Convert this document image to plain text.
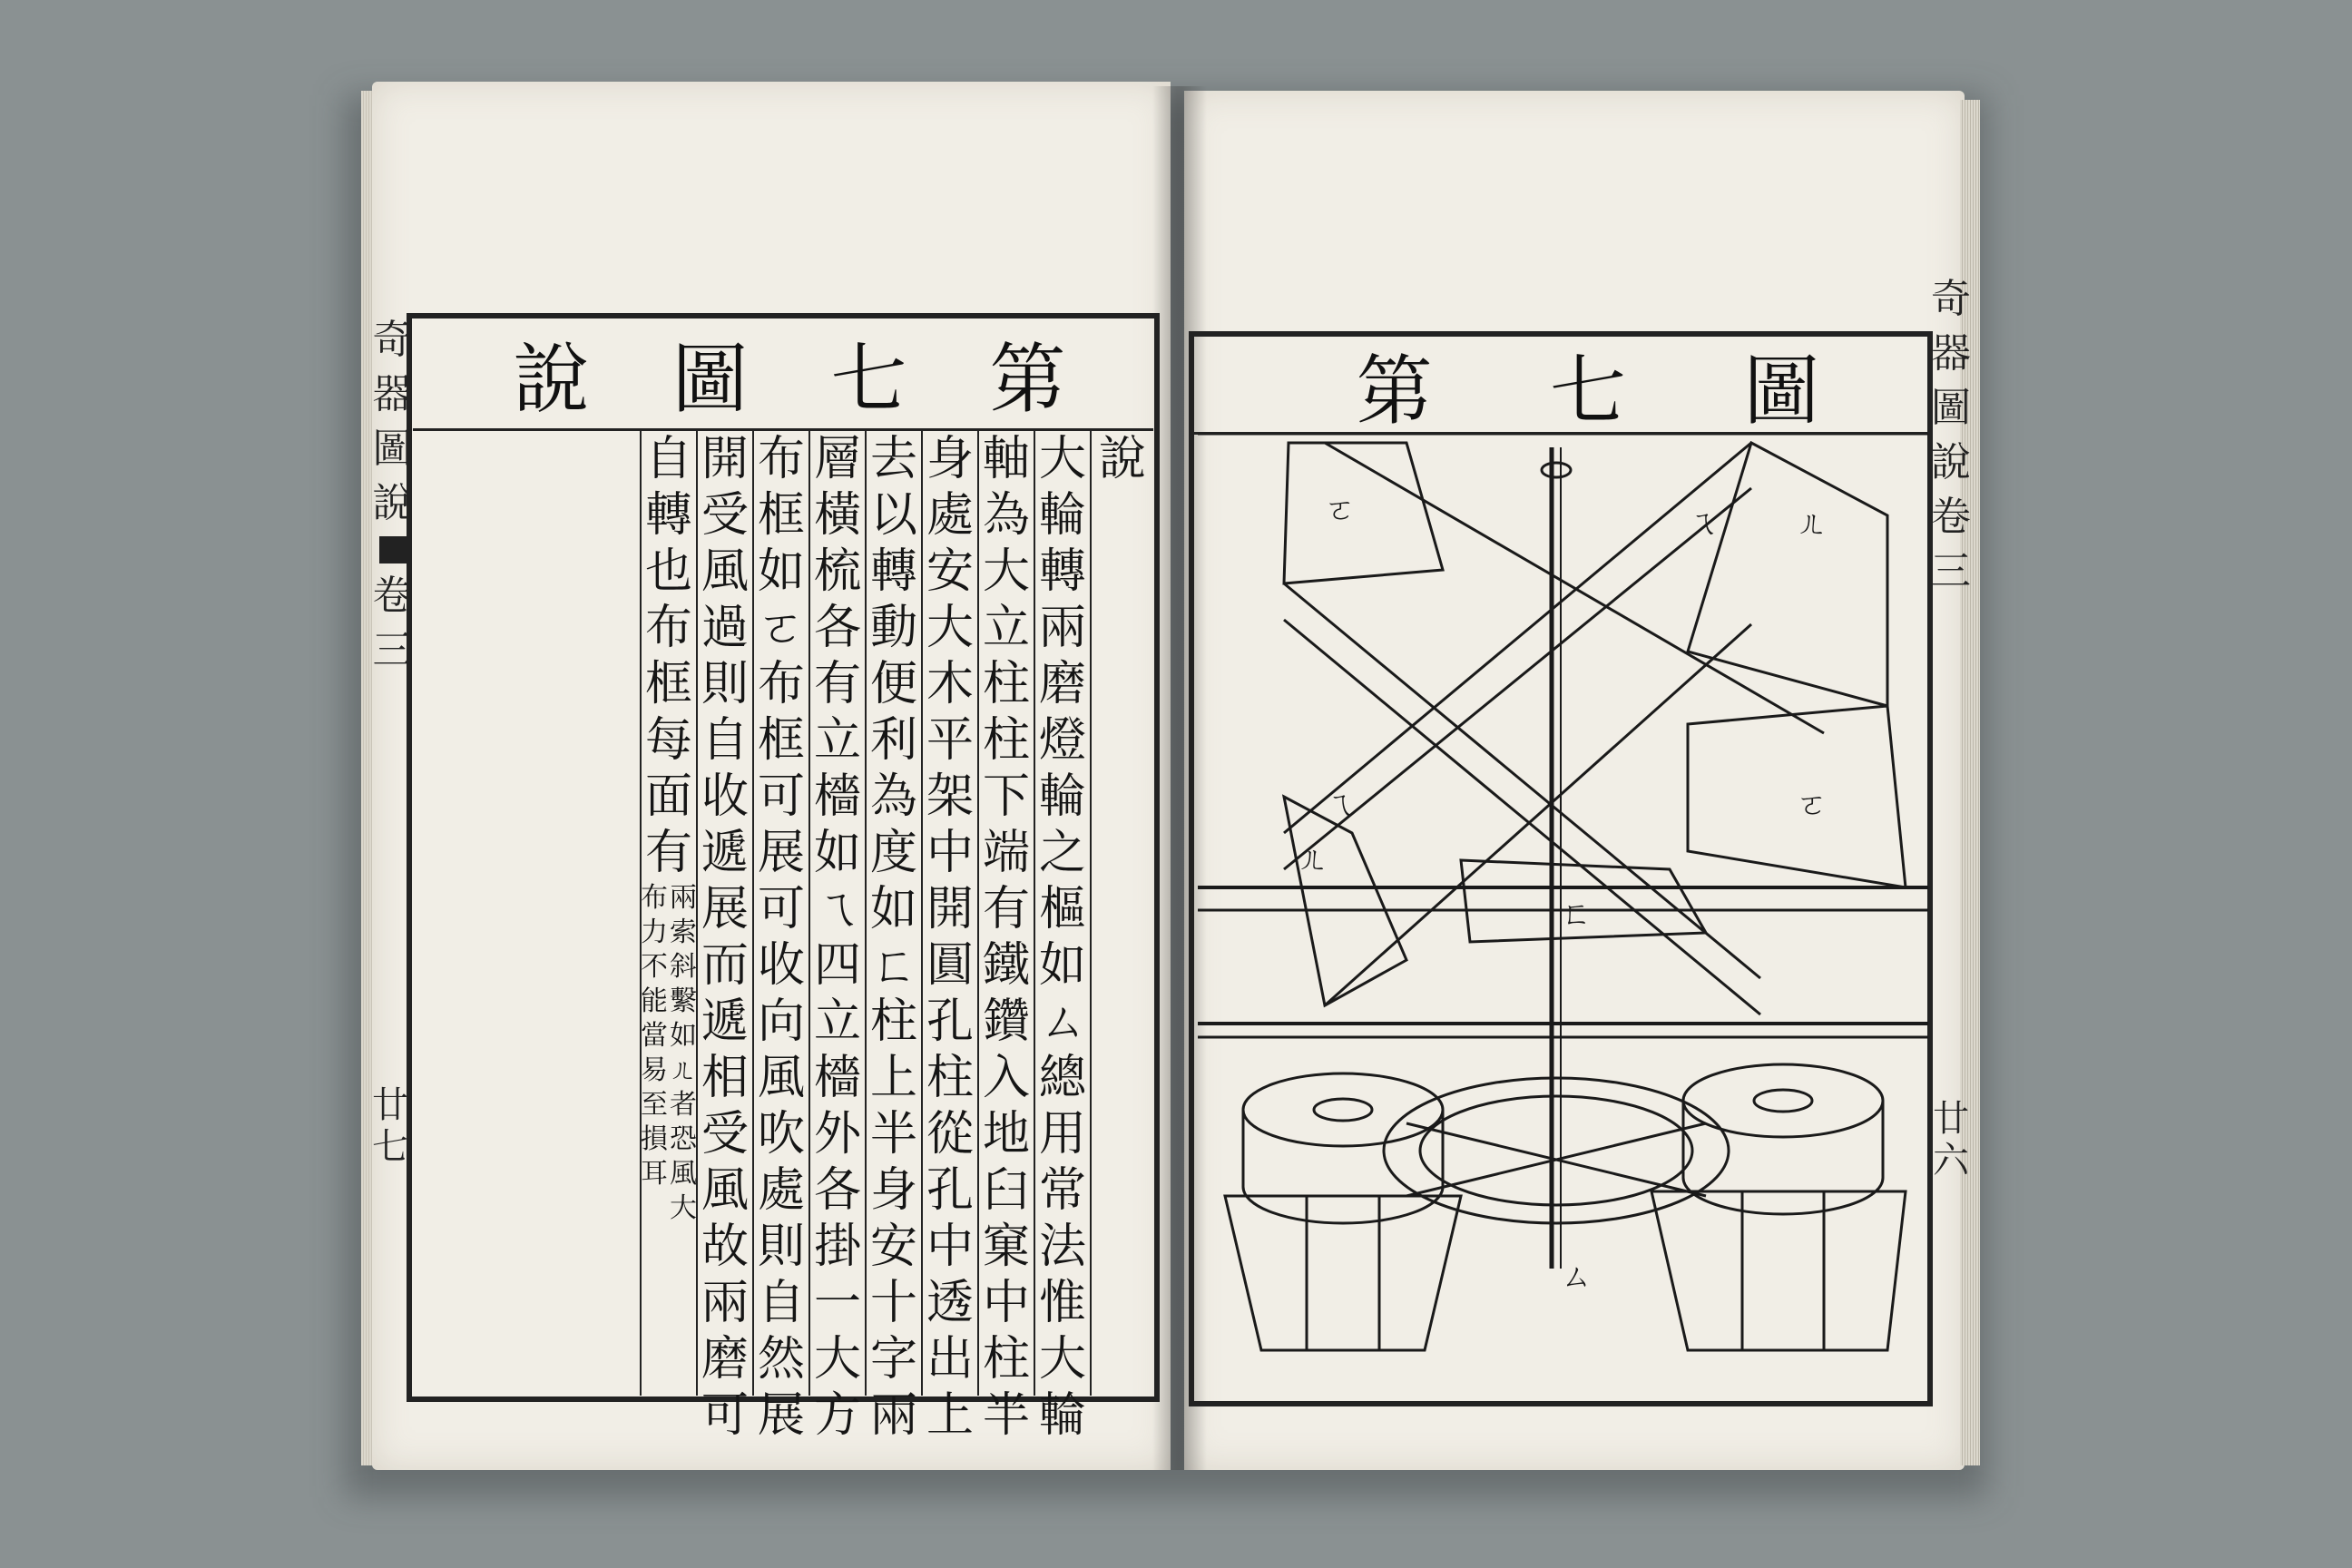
奇
器
圖
說
卷
三
廿七
第
七
圖
說
說
大
輪
轉
兩
磨
燈
輪
之
樞
如
ㄙ
總
用
常
法
惟
大
輪
軸
為
大
立
柱
柱
下
端
有
鐵
鑽
入
地
臼
窠
中
柱
半
身
處
安
大
木
平
架
中
開
圓
孔
柱
從
孔
中
透
出
上
去
以
轉
動
便
利
為
度
如
ㄈ
柱
上
半
身
安
十
字
兩
層
橫
梳
各
有
立
檣
如
ㄟ
四
立
檣
外
各
掛
一
大
方
布
框
如
ㄛ
布
框
可
展
可
收
向
風
吹
處
則
自
然
展
開
受
風
過
則
自
收
遞
展
而
遞
相
受
風
故
兩
磨
可
自
轉
也
布
框
每
面
有
兩
索
斜
繫
如
ㄦ
者
恐
風
大
布
力
不
能
當
易
至
損
耳
圖
七
第
奇
器
圖
說
卷
三
廿六
ㄛ	ㄦ
ㄟ
ㄛ
ㄟ
ㄦ
ㄈ
ㄙ
